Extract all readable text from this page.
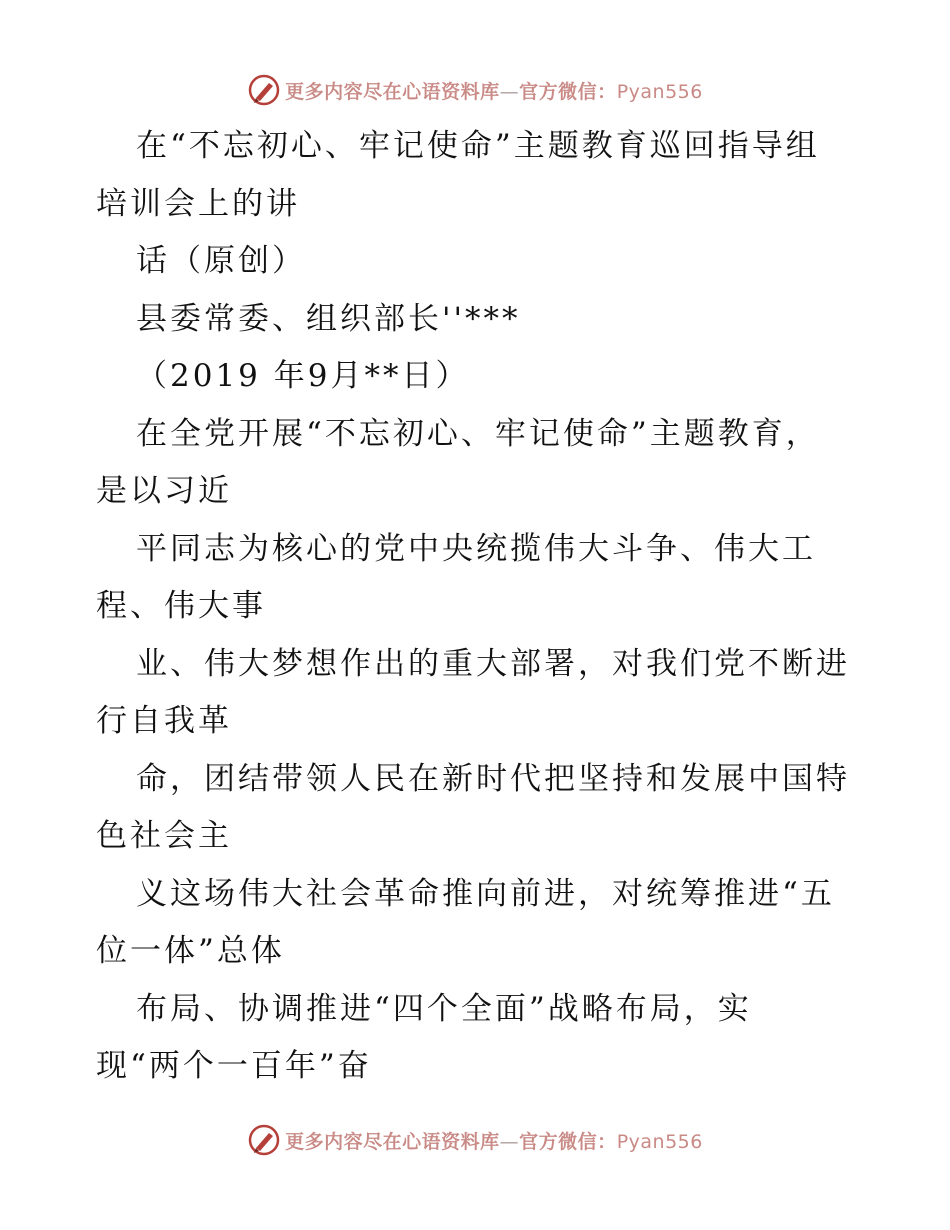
更多内容尽在心语资料库—官方微信：Pyan556
在“不忘初心、牢记使命”主题教育巡回指导组
培训会上的讲
话（原创）
县委常委、组织部长''***
（2019 年9月**日）
在全党开展“不忘初心、牢记使命”主题教育，
是以习近
平同志为核心的党中央统揽伟大斗争、伟大工
程、伟大事
业、伟大梦想作出的重大部署，对我们党不断进
行自我革
命，团结带领人民在新时代把坚持和发展中国特
色社会主
义这场伟大社会革命推向前进，对统筹推进“五
位一体”总体
布局、协调推进“四个全面”战略布局，实
现“两个一百年”奋
更多内容尽在心语资料库—官方微信：Pyan556
